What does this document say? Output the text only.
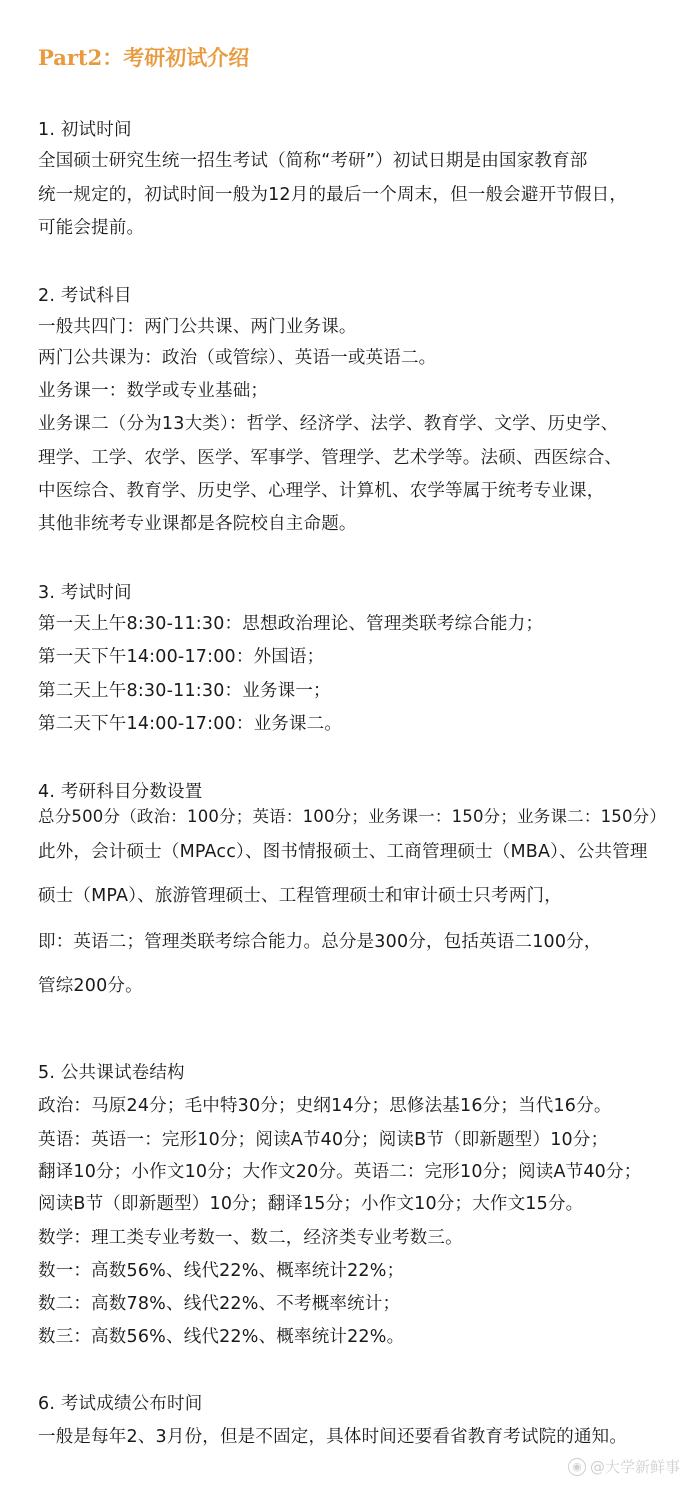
Part2：考研初试介绍
1. 初试时间
全国硕士研究生统一招生考试（简称“考研”）初试日期是由国家教育部
统一规定的，初试时间一般为12月的最后一个周末，但一般会避开节假日，
可能会提前。
2. 考试科目
一般共四门：两门公共课、两门业务课。
两门公共课为：政治（或管综）、英语一或英语二。
业务课一：数学或专业基础；
业务课二（分为13大类）：哲学、经济学、法学、教育学、文学、历史学、
理学、工学、农学、医学、军事学、管理学、艺术学等。法硕、西医综合、
中医综合、教育学、历史学、心理学、计算机、农学等属于统考专业课，
其他非统考专业课都是各院校自主命题。
3. 考试时间
第一天上午8:30-11:30：思想政治理论、管理类联考综合能力；
第一天下午14:00-17:00：外国语；
第二天上午8:30-11:30：业务课一；
第二天下午14:00-17:00：业务课二。
4. 考研科目分数设置
总分500分（政治：100分；英语：100分；业务课一：150分；业务课二：150分）
此外，会计硕士（MPAcc）、图书情报硕士、工商管理硕士（MBA）、公共管理
硕士（MPA）、旅游管理硕士、工程管理硕士和审计硕士只考两门，
即：英语二；管理类联考综合能力。总分是300分，包括英语二100分，
管综200分。
5. 公共课试卷结构
政治：马原24分；毛中特30分；史纲14分；思修法基16分；当代16分。
英语：英语一：完形10分；阅读A节40分；阅读B节（即新题型）10分；
翻译10分；小作文10分；大作文20分。英语二：完形10分；阅读A节40分；
阅读B节（即新题型）10分；翻译15分；小作文10分；大作文15分。
数学：理工类专业考数一、数二，经济类专业考数三。
数一：高数56%、线代22%、概率统计22%；
数二：高数78%、线代22%、不考概率统计；
数三：高数56%、线代22%、概率统计22%。
6. 考试成绩公布时间
一般是每年2、3月份，但是不固定，具体时间还要看省教育考试院的通知。
◉ @大学新鲜事
